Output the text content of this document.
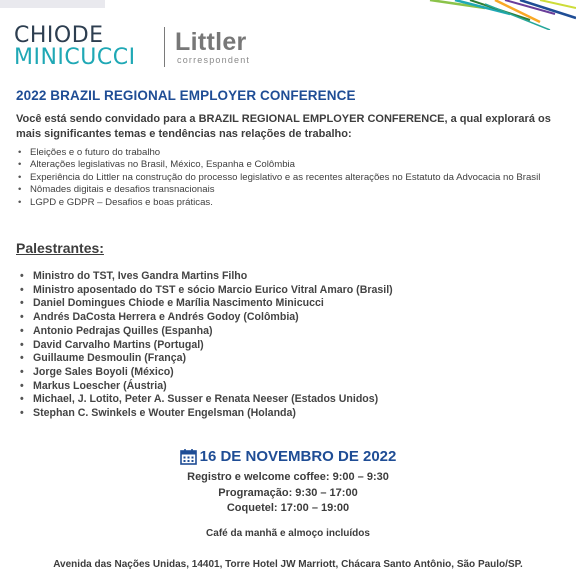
CHIODE
MINICUCCI
Littler
correspondent
2022 BRAZIL REGIONAL EMPLOYER CONFERENCE

Você está sendo convidado para a BRAZIL REGIONAL EMPLOYER CONFERENCE, a qual explorará os mais significantes temas e tendências nas relações de trabalho:

• Eleições e o futuro do trabalho
• Alterações legislativas no Brasil, México, Espanha e Colômbia
• Experiência do Littler na construção do processo legislativo e as recentes alterações no Estatuto da Advocacia no Brasil
• Nômades digitais e desafios transnacionais
• LGPD e GDPR – Desafios e boas práticas.
Palestrantes:
• Ministro do TST, Ives Gandra Martins Filho
• Ministro aposentado do TST e sócio Marcio Eurico Vitral Amaro (Brasil)
• Daniel Domingues Chiode e Marília Nascimento Minicucci
• Andrés DaCosta Herrera e Andrés Godoy (Colômbia)
• Antonio Pedrajas Quilles (Espanha)
• David Carvalho Martins (Portugal)
• Guillaume Desmoulin (França)
• Jorge Sales Boyoli (México)
• Markus Loescher (Áustria)
• Michael, J. Lotito, Peter A. Susser e Renata Neeser (Estados Unidos)
• Stephan C. Swinkels e Wouter Engelsman (Holanda)
16 DE NOVEMBRO DE 2022
Registro e welcome coffee: 9:00 – 9:30
Programação: 9:30 – 17:00
Coquetel: 17:00 – 19:00
Café da manhã e almoço incluídos
Avenida das Nações Unidas, 14401, Torre Hotel JW Marriott, Chácara Santo Antônio, São Paulo/SP.
